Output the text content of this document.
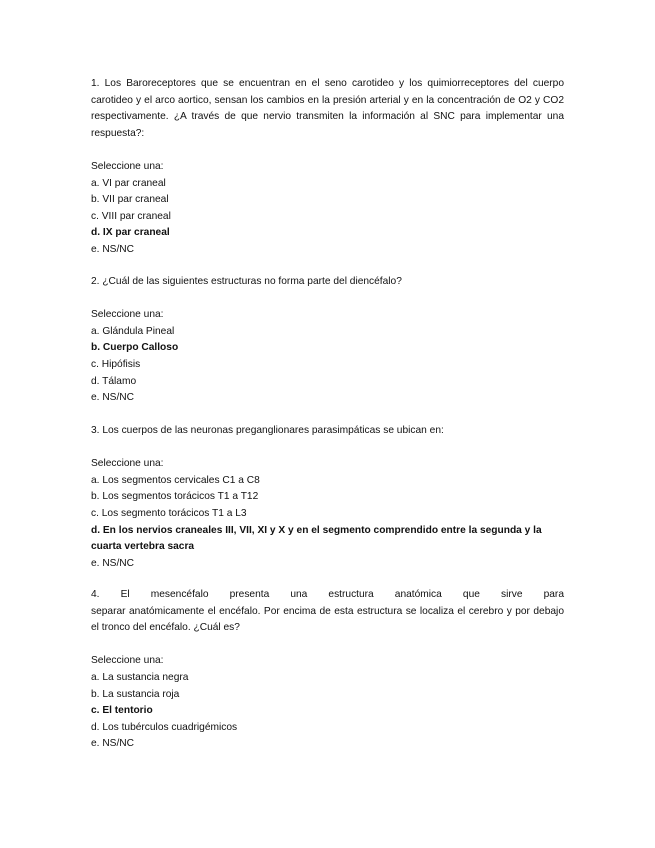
1. Los Baroreceptores que se encuentran en el seno carotideo y los quimiorreceptores del cuerpo carotideo y el arco aortico, sensan los cambios en la presión arterial y en la concentración de O2 y CO2 respectivamente. ¿A través de que nervio transmiten la información al SNC para implementar una respuesta?:

Seleccione una:

a. VI par craneal
b. VII par craneal
c. VIII par craneal
d. IX par craneal
e. NS/NC

2. ¿Cuál de las siguientes estructuras no forma parte del diencéfalo?

Seleccione una:

a. Glándula Pineal
b. Cuerpo Calloso
c. Hipófisis
d. Tálamo
e. NS/NC

3. Los cuerpos de las neuronas preganglionares parasimpáticas se ubican en:

Seleccione una:

a. Los segmentos cervicales C1 a C8
b. Los segmentos torácicos T1 a T12
c. Los segmento torácicos T1 a L3
d. En los nervios craneales III, VII, XI y X y en el segmento comprendido entre la segunda y la cuarta vertebra sacra
e. NS/NC

4. El mesencéfalo presenta una estructura anatómica que sirve para

separar anatómicamente el encéfalo. Por encima de esta estructura se localiza el cerebro y por debajo el tronco del encéfalo. ¿Cuál es?

Seleccione una:

a. La sustancia negra
b. La sustancia roja
c. El tentorio
d. Los tubérculos cuadrigémicos
e. NS/NC
